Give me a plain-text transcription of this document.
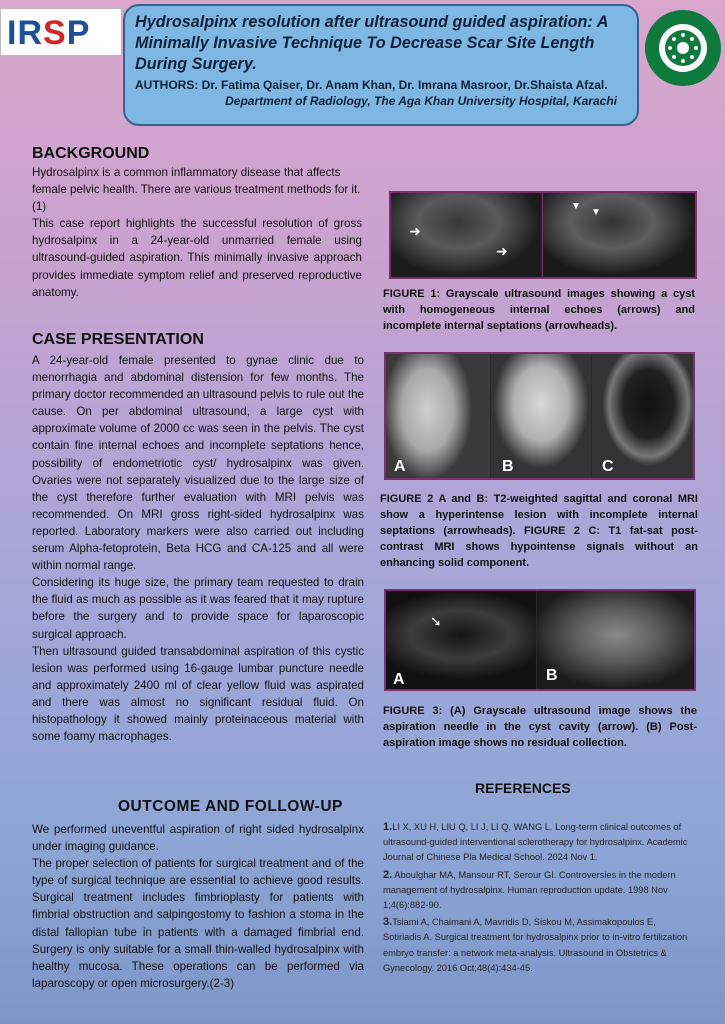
IRSP	Hydrosalpinx resolution after ultrasound guided aspiration: A Minimally Invasive Technique To Decrease Scar Site Length During Surgery.

AUTHORS: Dr. Fatima Qaiser, Dr. Anam Khan, Dr. Imrana Masroor, Dr.Shaista Afzal.
Department of Radiology, The Aga Khan University Hospital, Karachi
BACKGROUND

Hydrosalpinx is a common inflammatory disease that affects female pelvic health. There are various treatment methods for it. (1)

This case report highlights the successful resolution of gross hydrosalpinx in a 24-year-old unmarried female using ultrasound-guided aspiration. This minimally invasive approach provides immediate symptom relief and preserved reproductive anatomy.

CASE PRESENTATION

A 24-year-old female presented to gynae clinic due to menorrhagia and abdominal distension for few months. The primary doctor recommended an ultrasound pelvis to rule out the cause. On per abdominal ultrasound, a large cyst with approximate volume of 2000 cc was seen in the pelvis. The cyst contain fine internal echoes and incomplete septations hence, possibility of endometriotic cyst/ hydrosalpinx was given. Ovaries were not separately visualized due to the large size of the cyst therefore further evaluation with MRI pelvis was recommended. On MRI gross right-sided hydrosalpinx was reported. Laboratory markers were also carried out including serum Alpha-fetoprotein, Beta HCG and CA-125 and all were within normal range.

Considering its huge size, the primary team requested to drain the fluid as much as possible as it was feared that it may rupture before the surgery and to provide space for laparoscopic surgical approach.

Then ultrasound guided transabdominal aspiration of this cystic lesion was performed using 16-gauge lumbar puncture needle and approximately 2400 ml of clear yellow fluid was aspirated and there was almost no significant residual fluid. On histopathology it showed mainly proteinaceous material with some foamy macrophages.

OUTCOME AND FOLLOW-UP

We performed uneventful aspiration of right sided hydrosalpinx under imaging guidance.

The proper selection of patients for surgical treatment and of the type of surgical technique are essential to achieve good results. Surgical treatment includes fimbrioplasty for patients with fimbrial obstruction and salpingostomy to fashion a stoma in the distal fallopian tube in patients with a damaged fimbrial end. Surgery is only suitable for a small thin-walled hydrosalpinx with healthy mucosa. These operations can be performed via laparoscopy or open microsurgery.(2-3)

➜
➜
▼
▼

FIGURE 1: Grayscale ultrasound images showing a cyst with homogeneous internal echoes (arrows) and incomplete internal septations (arrowheads).

A	B	C

FIGURE 2 A and B: T2-weighted sagittal and coronal MRI show a hyperintense lesion with incomplete internal septations (arrowheads). FIGURE 2 C: T1 fat-sat post-contrast MRI shows hypointense signals without an enhancing solid component.

➘
A	B

FIGURE 3: (A) Grayscale ultrasound image shows the aspiration needle in the cyst cavity (arrow). (B) Post-aspiration image shows no residual collection.

REFERENCES

1.LI X, XU H, LIU Q, LI J, LI Q, WANG L. Long-term clinical outcomes of ultrasound-guided interventional sclerotherapy for hydrosalpinx. Academic Journal of Chinese Pla Medical School. 2024 Nov 1.

2. Aboulghar MA, Mansour RT, Serour GI. Controversies in the modern management of hydrosalpinx. Human reproduction update. 1998 Nov 1;4(6):882-90.

3.Tsiami A, Chaimani A, Mavridis D, Siskou M, Assimakopoulos E, Sotiriadis A. Surgical treatment for hydrosalpinx prior to in-vitro fertilization embryo transfer: a network meta-analysis. Ultrasound in Obstetrics & Gynecology. 2016 Oct;48(4):434-45.
